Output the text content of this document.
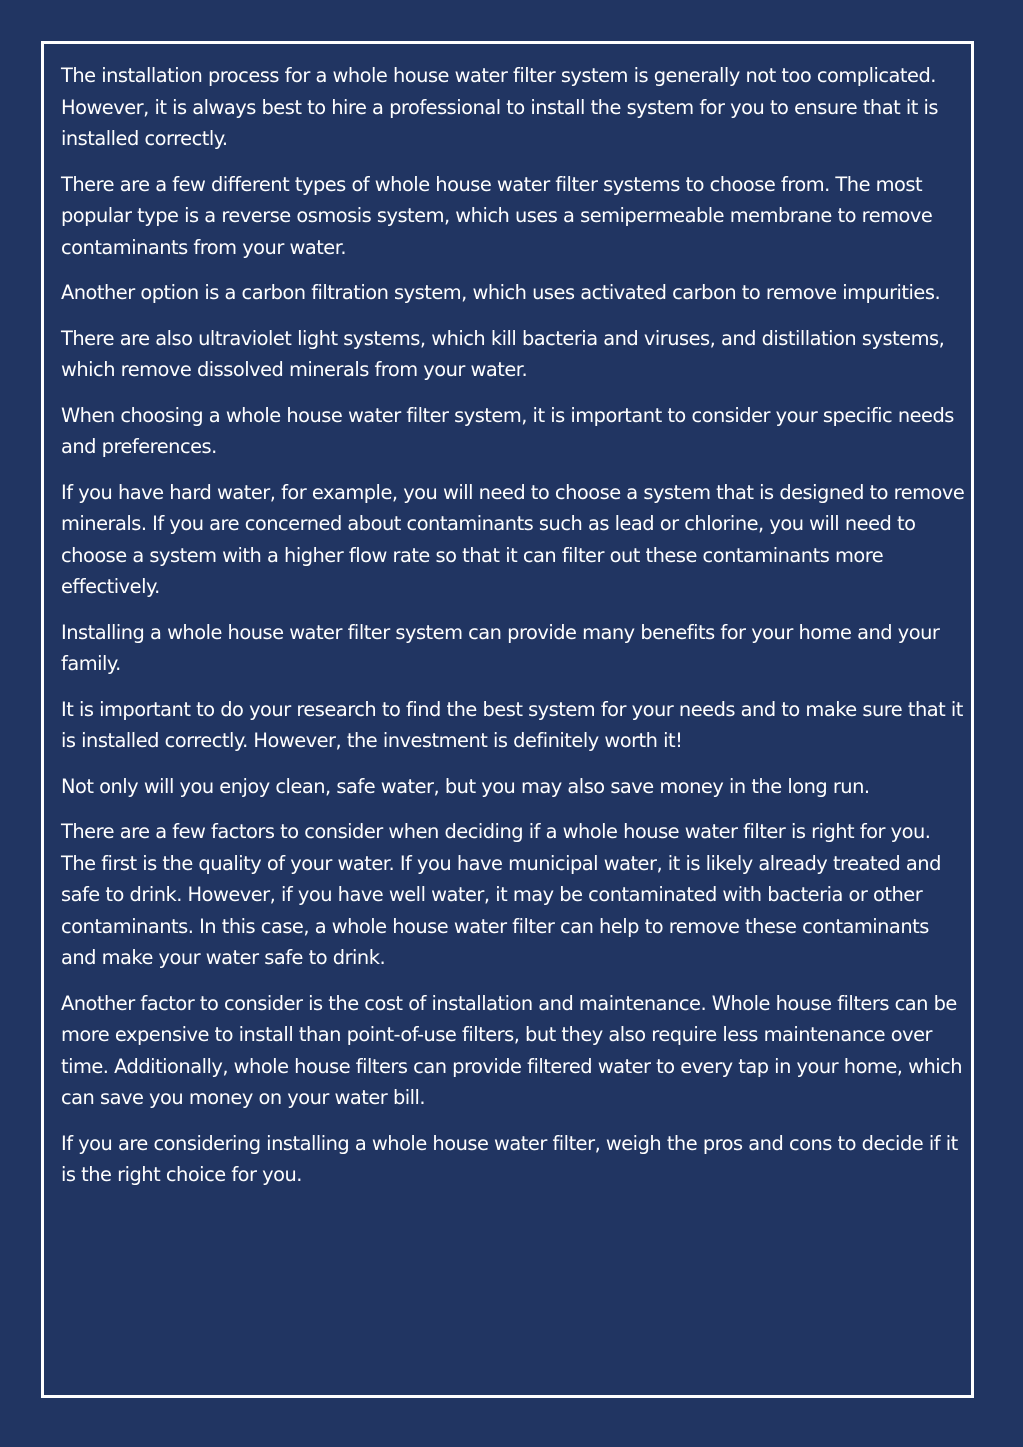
The installation process for a whole house water filter system is generally not too complicated. However, it is always best to hire a professional to install the system for you to ensure that it is installed correctly.

There are a few different types of whole house water filter systems to choose from. The most popular type is a reverse osmosis system, which uses a semipermeable membrane to remove contaminants from your water.

Another option is a carbon filtration system, which uses activated carbon to remove impurities.

There are also ultraviolet light systems, which kill bacteria and viruses, and distillation systems, which remove dissolved minerals from your water.

When choosing a whole house water filter system, it is important to consider your specific needs and preferences.

If you have hard water, for example, you will need to choose a system that is designed to remove minerals. If you are concerned about contaminants such as lead or chlorine, you will need to choose a system with a higher flow rate so that it can filter out these contaminants more effectively.

Installing a whole house water filter system can provide many benefits for your home and your family.

It is important to do your research to find the best system for your needs and to make sure that it is installed correctly. However, the investment is definitely worth it!

Not only will you enjoy clean, safe water, but you may also save money in the long run.

There are a few factors to consider when deciding if a whole house water filter is right for you. The first is the quality of your water. If you have municipal water, it is likely already treated and safe to drink. However, if you have well water, it may be contaminated with bacteria or other contaminants. In this case, a whole house water filter can help to remove these contaminants and make your water safe to drink.

Another factor to consider is the cost of installation and maintenance. Whole house filters can be more expensive to install than point-of-use filters, but they also require less maintenance over time. Additionally, whole house filters can provide filtered water to every tap in your home, which can save you money on your water bill.

If you are considering installing a whole house water filter, weigh the pros and cons to decide if it is the right choice for you.
